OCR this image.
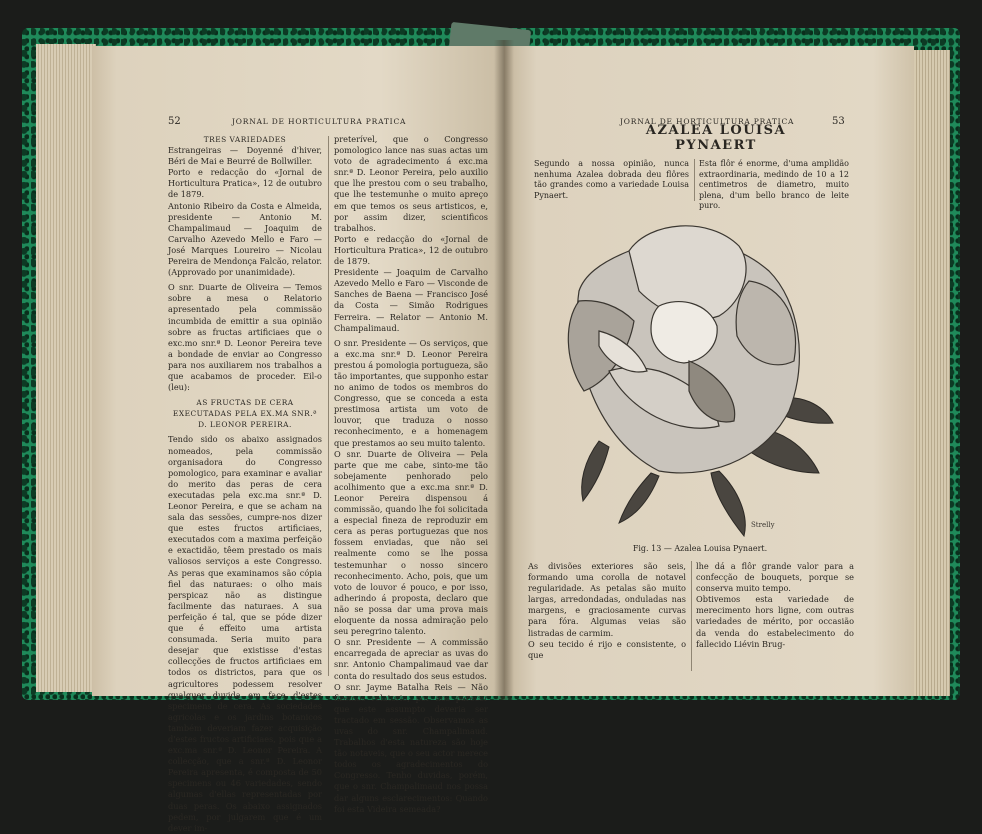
52	JORNAL DE HORTICULTURA PRATICA

TRES VARIEDADES

Estrangeiras — Doyenné d'hiver, Béri de Mai e Beurré de Bollwiller.

Porto e redacção do «Jornal de Horticultura Pratica», 12 de outubro de 1879.

Antonio Ribeiro da Costa e Almeida, presidente — Antonio M. Champalimaud — Joaquim de Carvalho Azevedo Mello e Faro — José Marques Loureiro — Nicolau Pereira de Mendonça Falcão, relator. (Approvado por unanimidade).

O snr. Duarte de Oliveira — Temos sobre a mesa o Relatorio apresentado pela commissão incumbida de emittir a sua opinião sobre as fructas artificiaes que o exc.mo snr.ª D. Leonor Pereira teve a bondade de enviar ao Congresso para nos auxiliarem nos trabalhos a que acabamos de proceder. Eil-o (leu):

AS FRUCTAS DE CERA EXECUTADAS PELA EX.MA SNR.ª D. LEONOR PEREIRA.

Tendo sido os abaixo assignados nomeados, pela commissão organisadora do Congresso pomologico, para examinar e avaliar do merito das peras de cera executadas pela exc.ma snr.ª D. Leonor Pereira, e que se acham na sala das sessões, cumpre-nos dizer que estes fructos artificiaes, executados com a maxima perfeição e exactidão, têem prestado os mais valiosos serviços a este Congresso. As peras que examinamos são cópia fiel das naturaes: o olho mais perspicaz não as distingue facilmente das naturaes. A sua perfeição é tal, que se póde dizer que é effeito uma artista consumada. Seria muito para desejar que existisse d'estas collecções de fructos artificiaes em todos os districtos, para que os agricultores podessem resolver qualquer duvida em face d'estes specimens de cera. As sociedades agricolas e os jardins botanicos também deveriam fazer acquisição d'estes fructos artificiaes, pois que a exc.ma snr.ª D. Leonor Pereira. A collecção, que a snr.ª D. Leonor Pereira apresenta, é composta de 50 specimens ou 46 variedades, sendo algumas d'ellas representadas por duas peras. Os abaixo assignados pedem, por julgarem que é um dever im-

preterível, que o Congresso pomologico lance nas suas actas um voto de agradecimento á exc.ma snr.ª D. Leonor Pereira, pelo auxilio que lhe prestou com o seu trabalho, que lhe testemunhe o muito apreço em que temos os seus artisticos, e, por assim dizer, scientificos trabalhos.

Porto e redacção do «Jornal de Horticultura Pratica», 12 de outubro de 1879.

Presidente — Joaquim de Carvalho Azevedo Mello e Faro — Visconde de Sanches de Baena — Francisco José da Costa — Simão Rodrigues Ferreira. — Relator — Antonio M. Champalimaud.

O snr. Presidente — Os serviços, que a exc.ma snr.ª D. Leonor Pereira prestou á pomologia portugueza, são tão importantes, que supponho estar no animo de todos os membros do Congresso, que se conceda a esta prestimosa artista um voto de louvor, que traduza o nosso reconhecimento, e a homenagem que prestamos ao seu muito talento.

O snr. Duarte de Oliveira — Pela parte que me cabe, sinto-me tão sobejamente penhorado pelo acolhimento que a exc.ma snr.ª D. Leonor Pereira dispensou á commissão, quando lhe foi solicitada a especial fineza de reproduzir em cera as peras portuguezas que nos fossem enviadas, que não sei realmente como se lhe possa testemunhar o nosso sincero reconhecimento. Acho, pois, que um voto de louvor é pouco, e por isso, adherindo á proposta, declaro que não se possa dar uma prova mais eloquente da nossa admiração pelo seu peregrino talento.

O snr. Presidente — A commissão encarregada de apreciar as uvas do snr. Antonio Champalimaud vae dar conta do resultado dos seus estudos.

O snr. Jayme Batalha Reis — Não fizemos relatorio, por nos parecer que este assumpto deveria ser tractado em sessão. Observamos as uvas do snr. Champalimaud. Trabalhos d'esta natureza são hoje tão notaveis, que o seu actor merece todos os agradecimentos do Congresso. Tenho duvidas, porém, que o snr. Champalimaud nos possa dar alguns esclarecimentos: Quando foi esta Videira semeada?

JORNAL DE HORTICULTURA PRATICA	53
AZALEA LOUISA PYNAERT
Segundo a nossa opinião, nunca nenhuma Azalea dobrada deu flôres tão grandes como a variedade Louisa Pynaert.
Esta flôr é enorme, d'uma amplidão extraordinaria, medindo de 10 a 12 centimetros de diametro, muito plena, d'um bello branco de leite puro.
Strelly
Fig. 13 — Azalea Louisa Pynaert.

As divisões exteriores são seis, formando uma corolla de notavel regularidade. As petalas são muito largas, arredondadas, onduladas nas margens, e graciosamente curvas para fóra. Algumas veias são listradas de carmim.

O seu tecido é rijo e consistente, o que

lhe dá a flôr grande valor para a confecção de bouquets, porque se conserva muito tempo.

Obtivemos esta variedade de merecimento hors ligne, com outras variedades de mérito, por occasião da venda do estabelecimento do fallecido Liévin Brug-
